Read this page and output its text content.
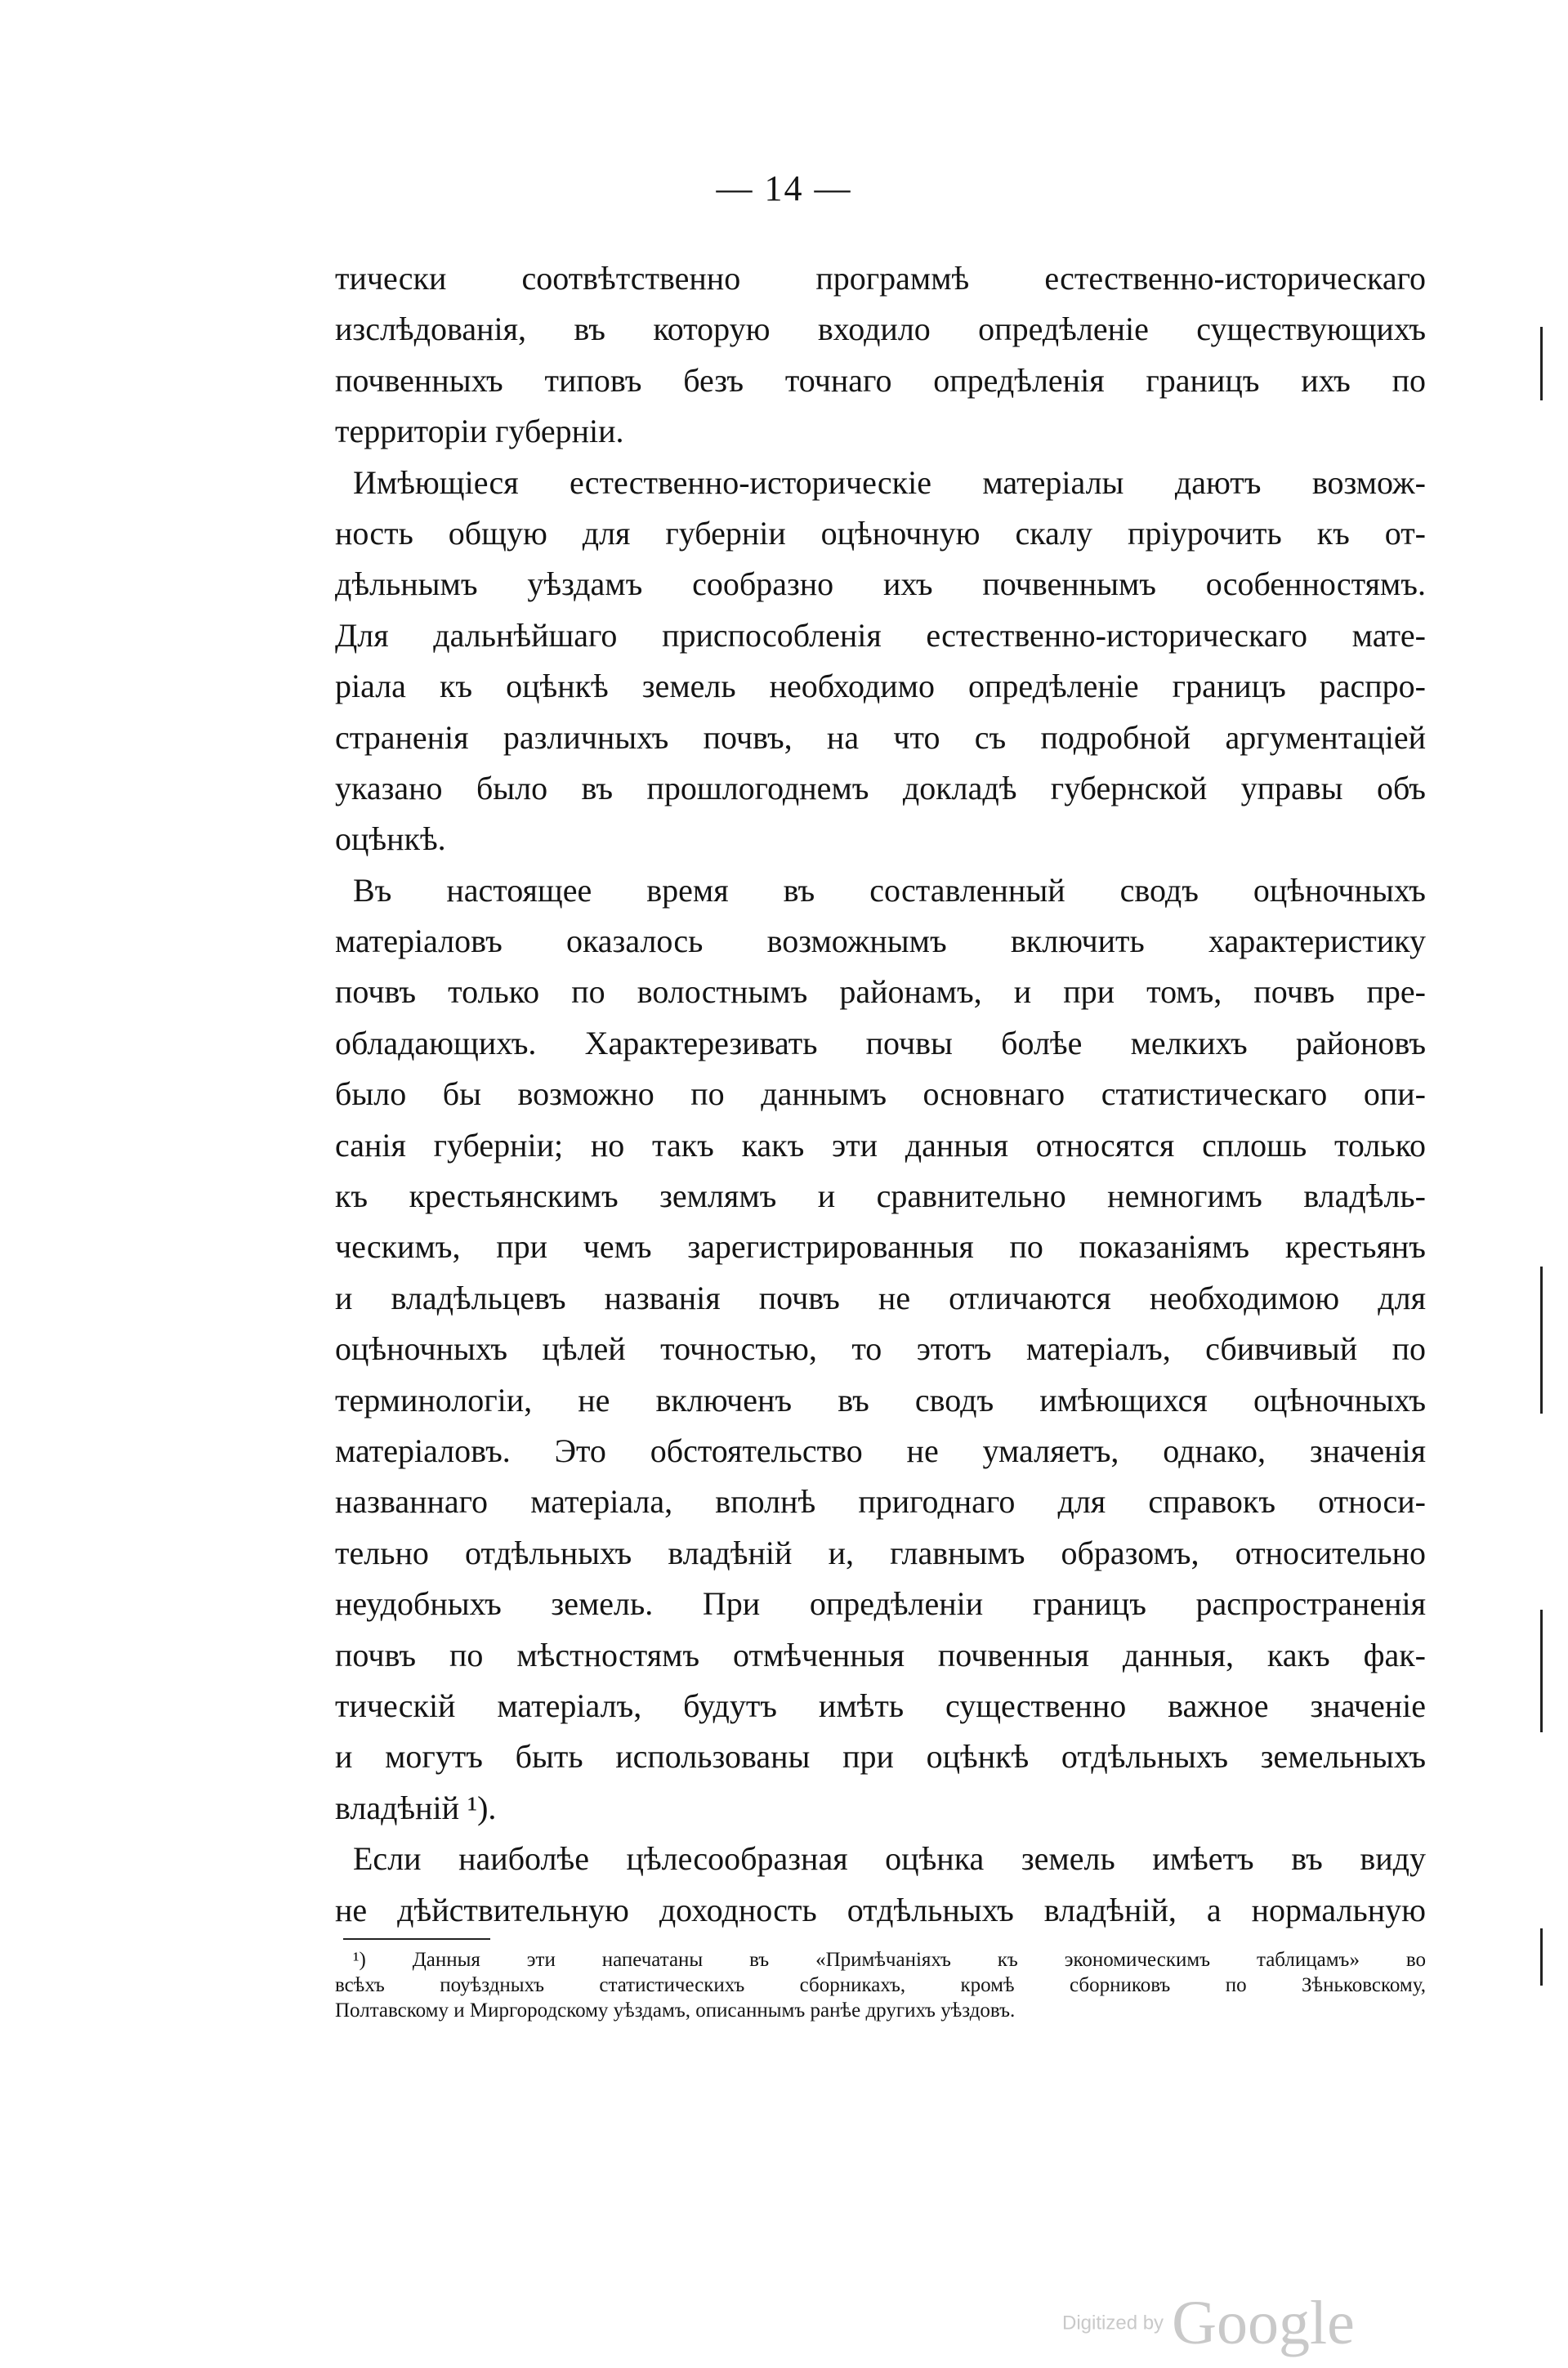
— 14 —
тически соотвѣтственно программѣ естественно-историческаго
изслѣдованія, въ которую входило опредѣленіе существующихъ
почвенныхъ типовъ безъ точнаго опредѣленія границъ ихъ по
территоріи губерніи.
Имѣющіеся естественно-историческіе матеріалы даютъ возмож-
ность общую для губерніи оцѣночную скалу пріурочить къ от-
дѣльнымъ уѣздамъ сообразно ихъ почвеннымъ особенностямъ.
Для дальнѣйшаго приспособленія естественно-историческаго мате-
ріала къ оцѣнкѣ земель необходимо опредѣленіе границъ распро-
страненія различныхъ почвъ, на что съ подробной аргументаціей
указано было въ прошлогоднемъ докладѣ губернской управы объ
оцѣнкѣ.
Въ настоящее время въ составленный сводъ оцѣночныхъ
матеріаловъ оказалось возможнымъ включить характеристику
почвъ только по волостнымъ районамъ, и при томъ, почвъ пре-
обладающихъ. Характерезивать почвы болѣе мелкихъ районовъ
было бы возможно по даннымъ основнаго статистическаго опи-
санія губерніи; но такъ какъ эти данныя относятся сплошь только
къ крестьянскимъ землямъ и сравнительно немногимъ владѣль-
ческимъ, при чемъ зарегистрированныя по показаніямъ крестьянъ
и владѣльцевъ названія почвъ не отличаются необходимою для
оцѣночныхъ цѣлей точностью, то этотъ матеріалъ, сбивчивый по
терминологіи, не включенъ въ сводъ имѣющихся оцѣночныхъ
матеріаловъ. Это обстоятельство не умаляетъ, однако, значенія
названнаго матеріала, вполнѣ пригоднаго для справокъ относи-
тельно отдѣльныхъ владѣній и, главнымъ образомъ, относительно
неудобныхъ земель. При опредѣленіи границъ распространенія
почвъ по мѣстностямъ отмѣченныя почвенныя данныя, какъ фак-
тическій матеріалъ, будутъ имѣть существенно важное значеніе
и могутъ быть использованы при оцѣнкѣ отдѣльныхъ земельныхъ
владѣній ¹).
Если наиболѣе цѣлесообразная оцѣнка земель имѣетъ въ виду
не дѣйствительную доходность отдѣльныхъ владѣній, а нормальную
¹) Данныя эти напечатаны въ «Примѣчаніяхъ къ экономическимъ таблицамъ» во
всѣхъ поуѣздныхъ статистическихъ сборникахъ, кромѣ сборниковъ по Зѣньковскому,
Полтавскому и Миргородскому уѣздамъ, описаннымъ ранѣе другихъ уѣздовъ.
Digitized by Google
